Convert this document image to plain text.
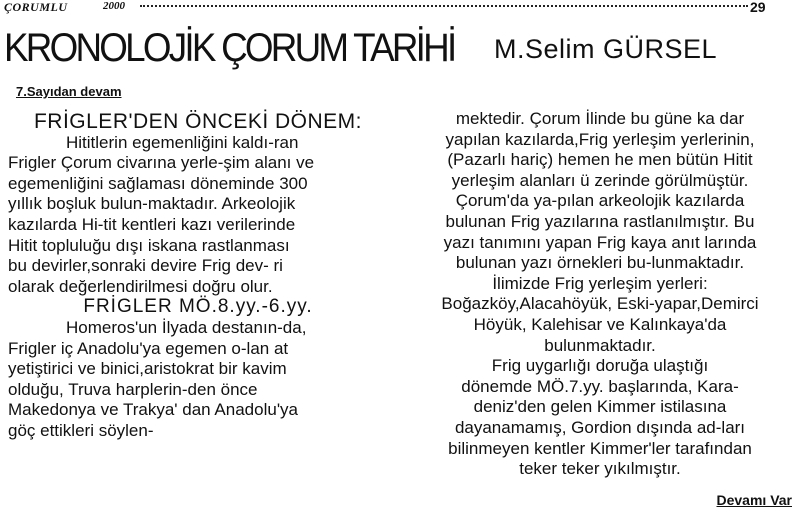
ÇORUMLU	2000	29
KRONOLOJİK ÇORUM TARİHİ M.Selim GÜRSEL
7.Sayıdan devam
FRİGLER'DEN ÖNCEKİ DÖNEM:
Hititlerin egemenliğini kaldı-ran
Frigler Çorum civarına yerle-şim alanı ve
egemenliğini sağlaması döneminde 300
yıllık boşluk bulun-maktadır. Arkeolojik
kazılarda Hi-tit kentleri kazı verilerinde
Hitit topluluğu dışı iskana rastlanması
bu devirler,sonraki devire Frig dev- ri
olarak değerlendirilmesi doğru olur.
FRİGLER MÖ.8.yy.-6.yy.
Homeros'un İlyada destanın-da,
Frigler iç Anadolu'ya egemen o-lan at
yetiştirici ve binici,aristokrat bir kavim
olduğu, Truva harplerin-den önce
Makedonya ve Trakya' dan Anadolu'ya
göç ettikleri söylen-
mektedir. Çorum İlinde bu güne ka dar
yapılan kazılarda,Frig yerleşim yerlerinin,
(Pazarlı hariç) hemen he men bütün Hitit
yerleşim alanları ü zerinde görülmüştür.
Çorum'da ya-pılan arkeolojik kazılarda
bulunan Frig yazılarına rastlanılmıştır. Bu
yazı tanımını yapan Frig kaya anıt larında
bulunan yazı örnekleri bu-lunmaktadır.
İlimizde Frig yerleşim yerleri:
Boğazköy,Alacahöyük, Eski-yapar,Demirci
Höyük, Kalehisar ve Kalınkaya'da
bulunmaktadır.
Frig uygarlığı doruğa ulaştığı
dönemde MÖ.7.yy. başlarında, Kara-
deniz'den gelen Kimmer istilasına
dayanamamış, Gordion dışında ad-ları
bilinmeyen kentler Kimmer'ler tarafından
teker teker yıkılmıştır.
Devamı Var
